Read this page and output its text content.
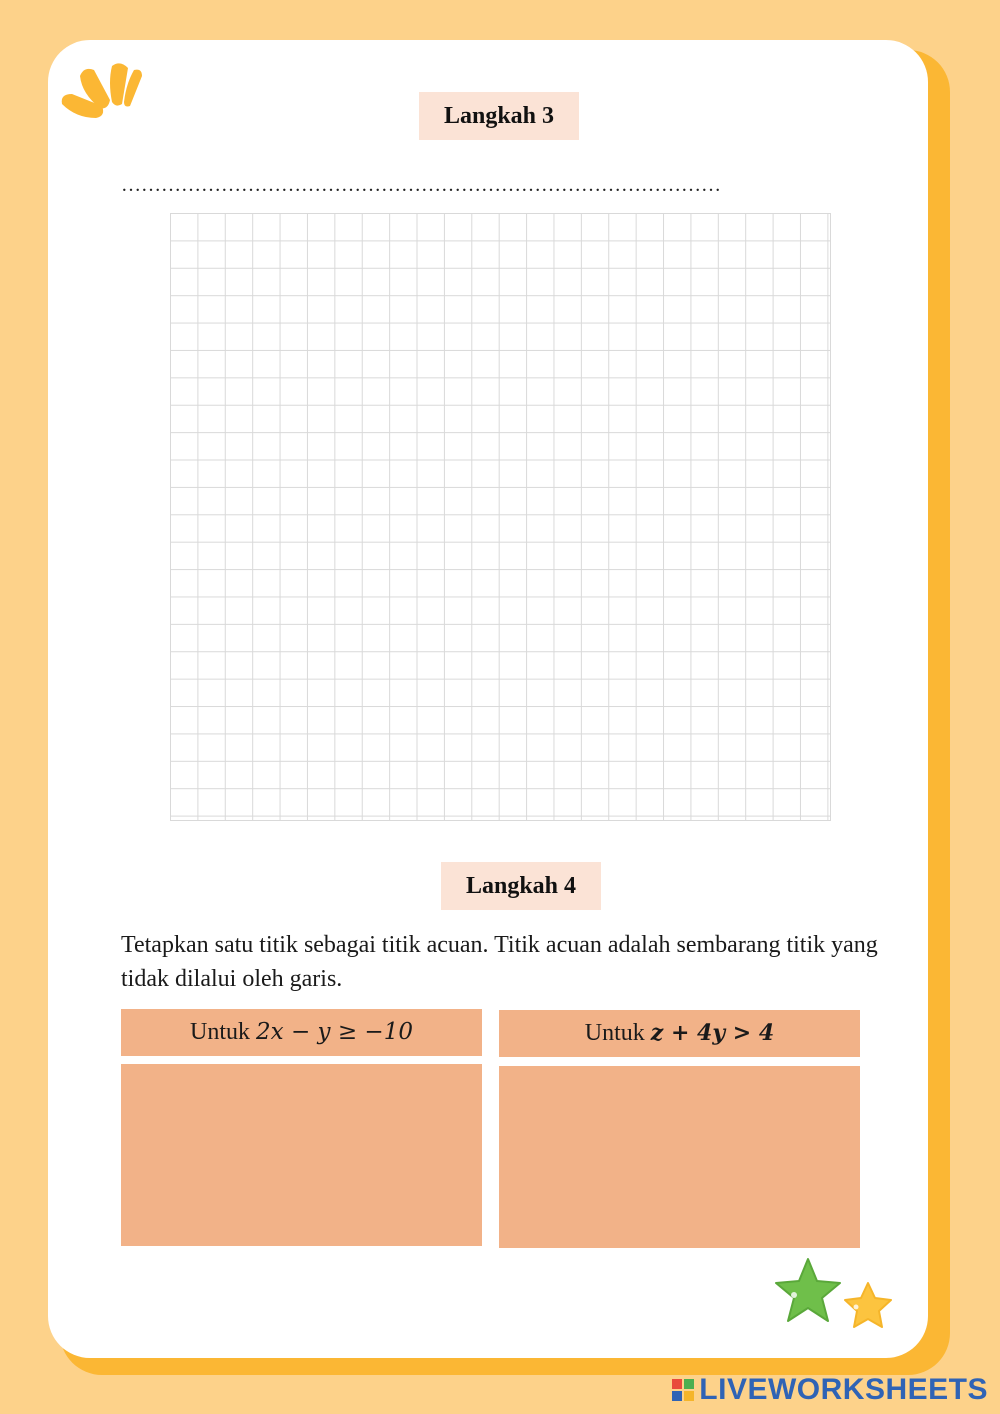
Langkah 3
………………………………………………………………………………
Langkah 4
Tetapkan satu titik sebagai titik acuan. Titik acuan adalah sembarang titik yang tidak dilalui oleh garis.
Untuk 2𝑥 − 𝑦 ≥ −10	Untuk z + 4y > 4
LIVEWORKSHEETS
